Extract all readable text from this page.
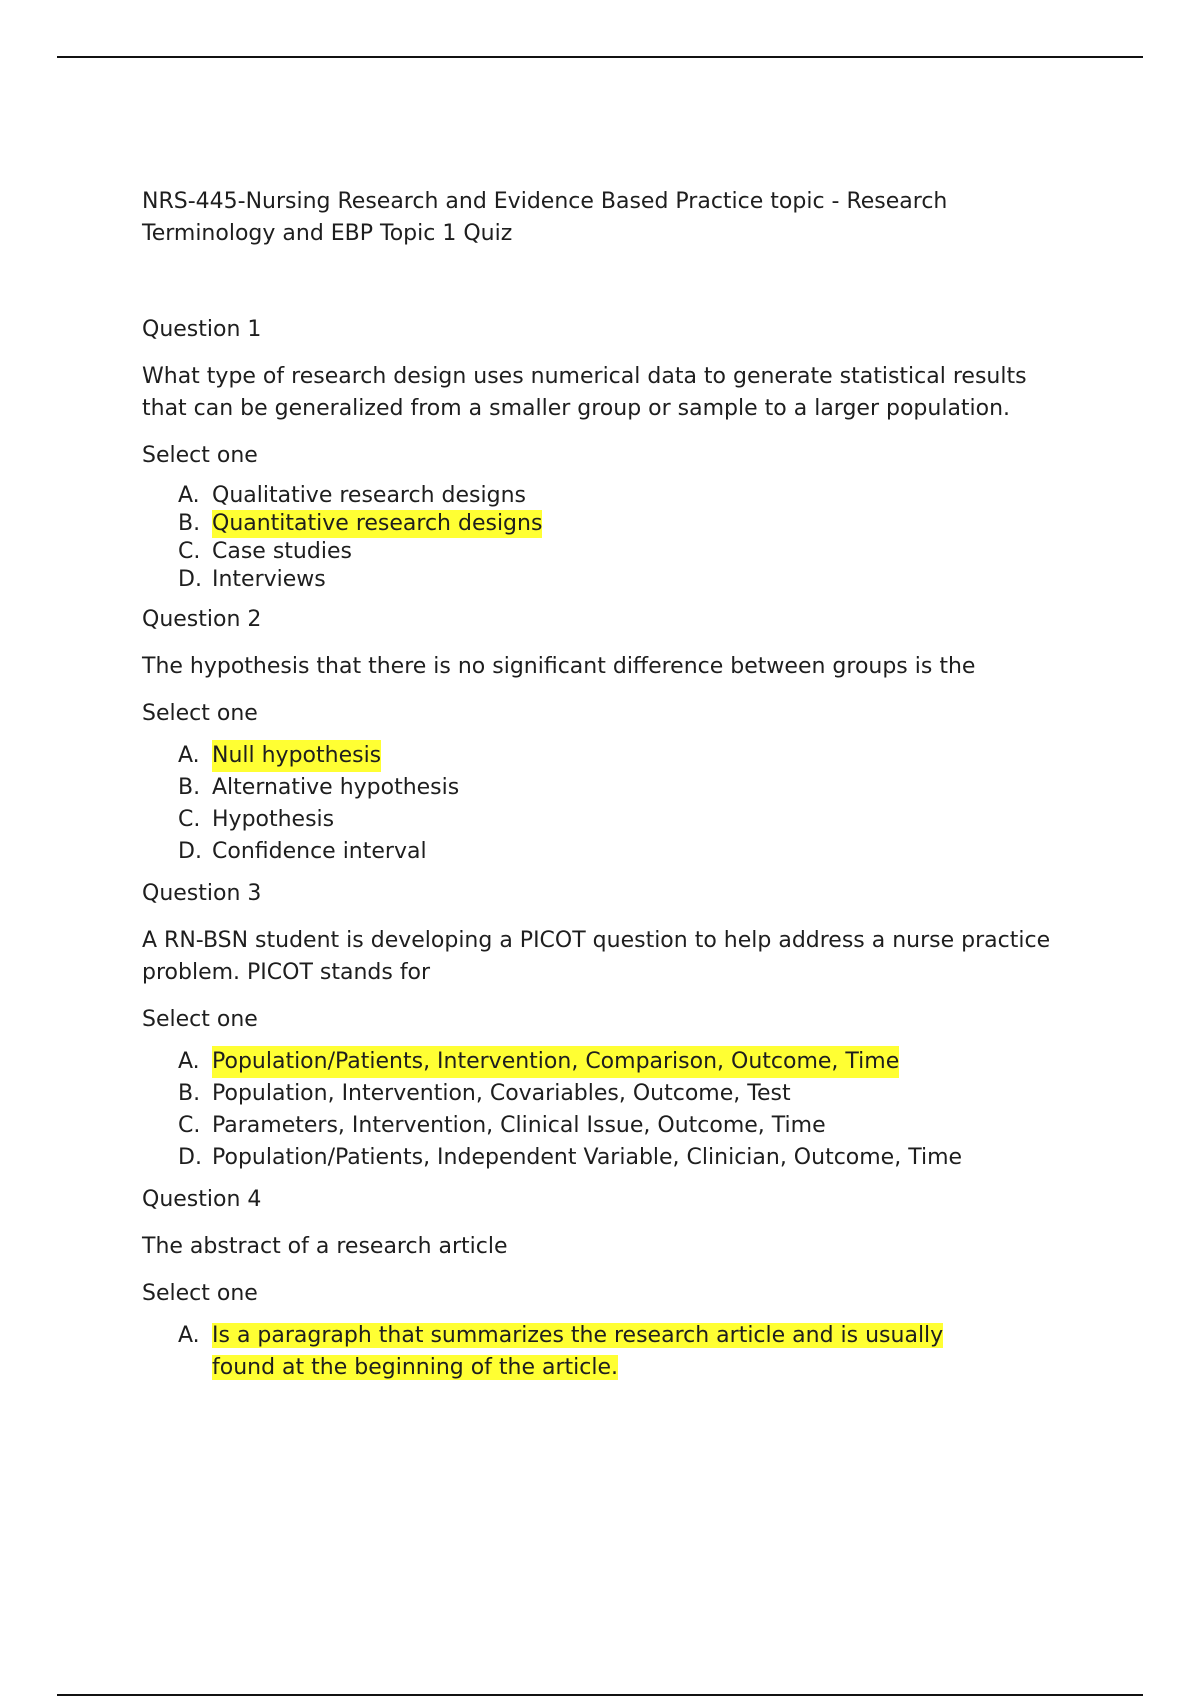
NRS-445-Nursing Research and Evidence Based Practice topic - Research Terminology and EBP Topic 1 Quiz
Question 1
What type of research design uses numerical data to generate statistical results that can be generalized from a smaller group or sample to a larger population.
Select one
A. Qualitative research designs
B. Quantitative research designs
C. Case studies
D. Interviews
Question 2
The hypothesis that there is no significant difference between groups is the
Select one
A. Null hypothesis
B. Alternative hypothesis
C. Hypothesis
D. Confidence interval
Question 3
A RN-BSN student is developing a PICOT question to help address a nurse practice problem. PICOT stands for
Select one
A. Population/Patients, Intervention, Comparison, Outcome, Time
B. Population, Intervention, Covariables, Outcome, Test
C. Parameters, Intervention, Clinical Issue, Outcome, Time
D. Population/Patients, Independent Variable, Clinician, Outcome, Time
Question 4
The abstract of a research article
Select one
A. Is a paragraph that summarizes the research article and is usually found at the beginning of the article.
